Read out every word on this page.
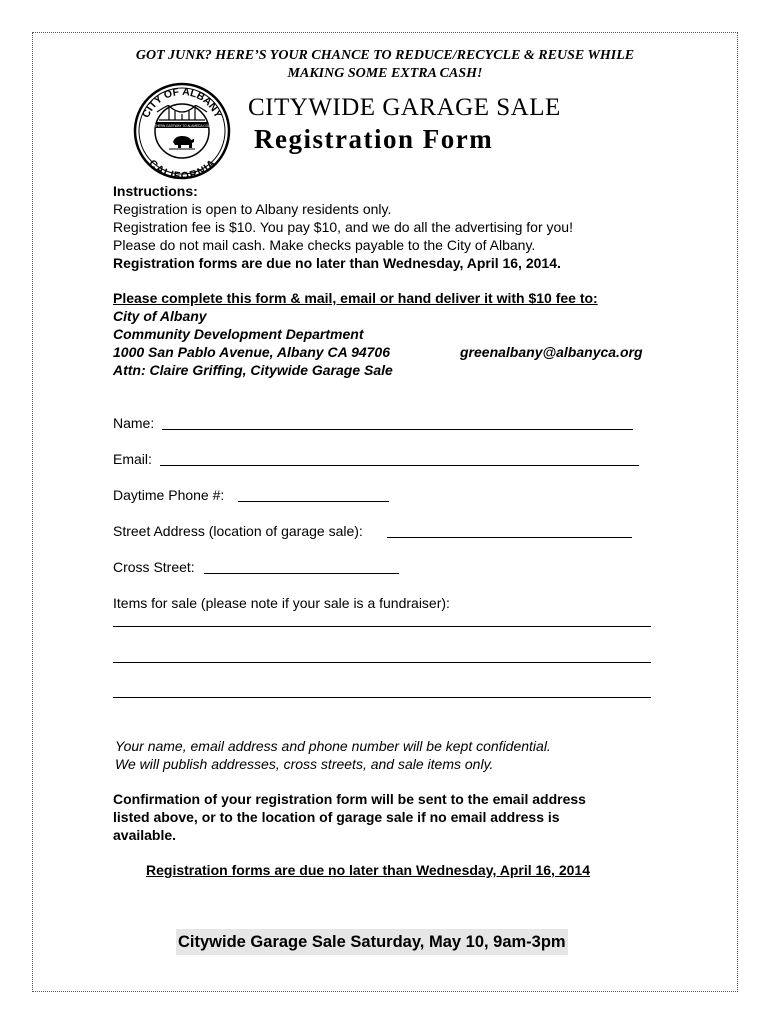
GOT JUNK? HERE’S YOUR CHANCE TO REDUCE/RECYCLE & REUSE WHILE

MAKING SOME EXTRA CASH!

CITY OF ALBANY
CALIFORNIA
NORTHERN GATEWAY TO ALAMEDA COUNTY

CITYWIDE GARAGE SALE

Registration Form

Instructions:

Registration is open to Albany residents only.

Registration fee is $10. You pay $10, and we do all the advertising for you!

Please do not mail cash. Make checks payable to the City of Albany.

Registration forms are due no later than Wednesday, April 16, 2014.

Please complete this form & mail, email or hand deliver it with $10 fee to:

City of Albany

Community Development Department

1000 San Pablo Avenue, Albany CA 94706	greenalbany@albanyca.org

Attn: Claire Griffing, Citywide Garage Sale

Name:

Email:

Daytime Phone #:

Street Address (location of garage sale):

Cross Street:

Items for sale (please note if your sale is a fundraiser):

Your name, email address and phone number will be kept confidential.

We will publish addresses, cross streets, and sale items only.

Confirmation of your registration form will be sent to the email address

listed above, or to the location of garage sale if no email address is

available.

Registration forms are due no later than Wednesday, April 16, 2014

Citywide Garage Sale Saturday, May 10, 9am-3pm
